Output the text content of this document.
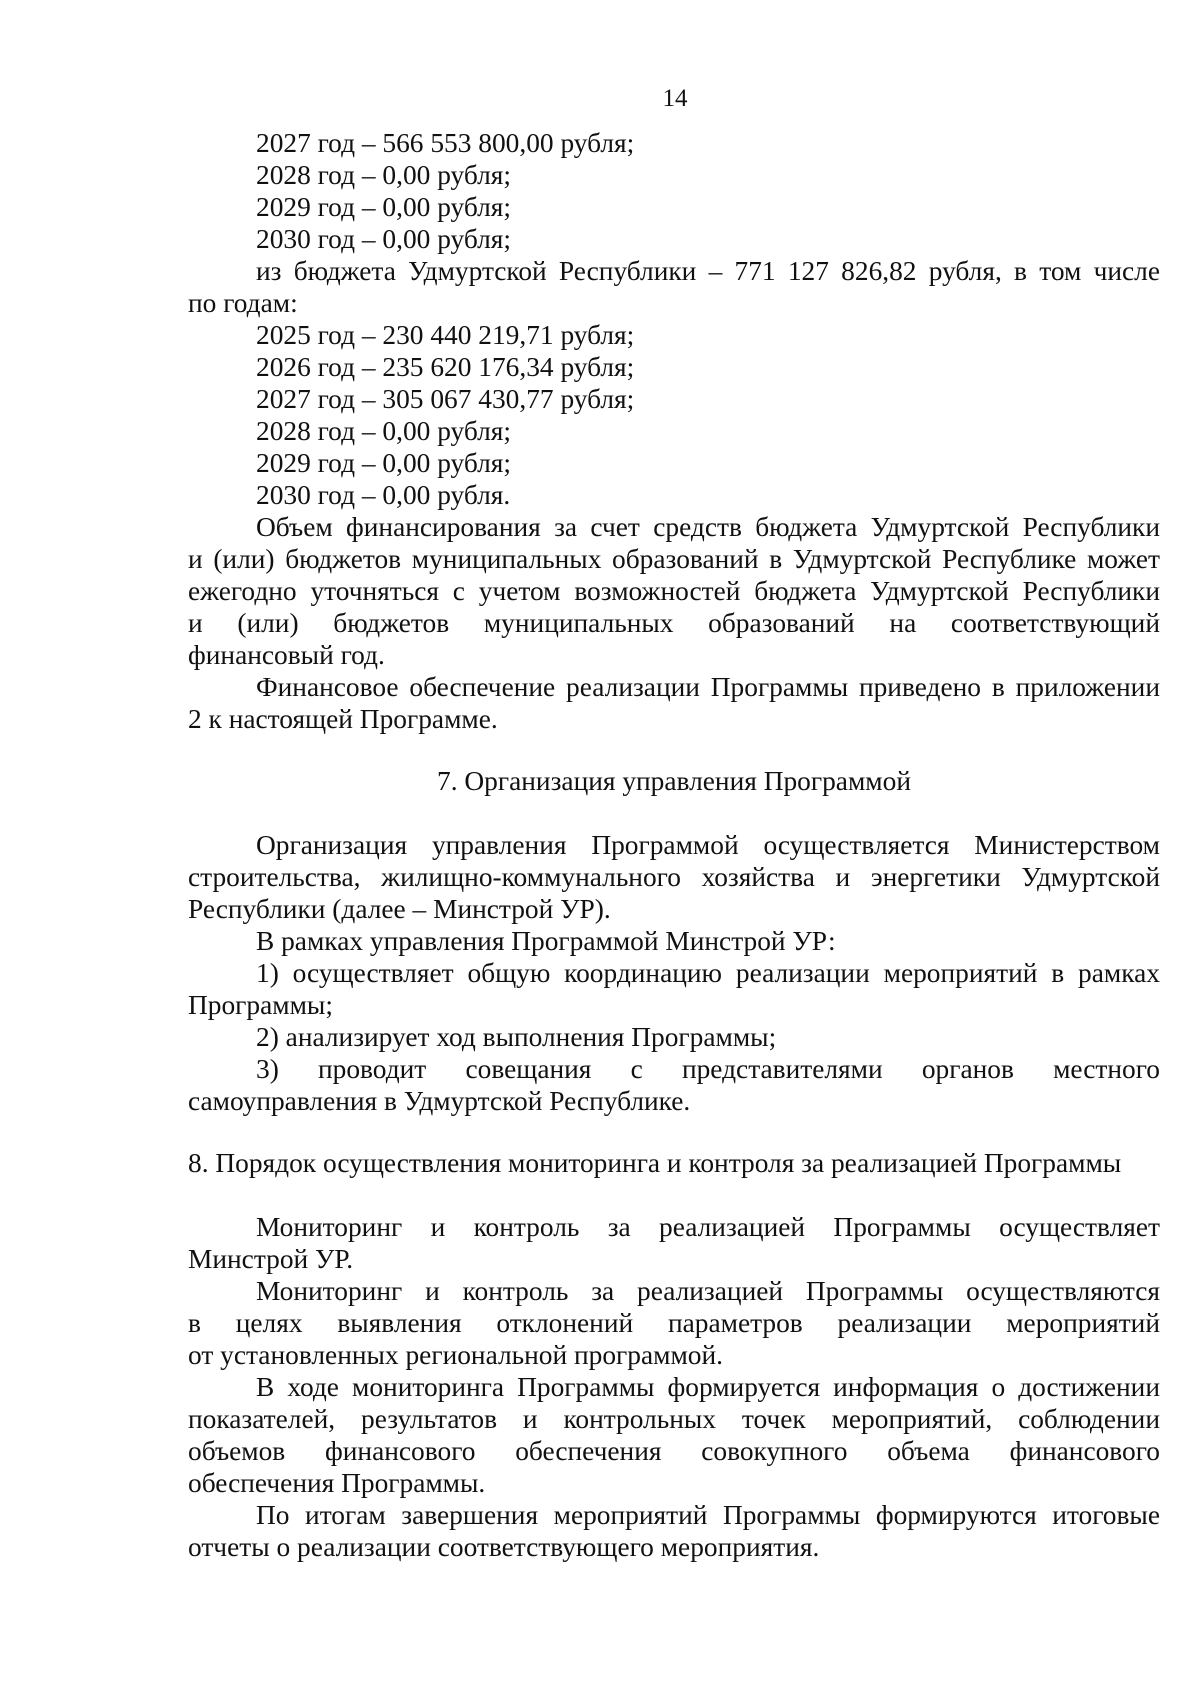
14
2027 год – 566 553 800,00 рубля;
2028 год – 0,00 рубля;
2029 год – 0,00 рубля;
2030 год – 0,00 рубля;
из бюджета Удмуртской Республики – 771 127 826,82 рубля, в том числе
по годам:
2025 год – 230 440 219,71 рубля;
2026 год – 235 620 176,34 рубля;
2027 год – 305 067 430,77 рубля;
2028 год – 0,00 рубля;
2029 год – 0,00 рубля;
2030 год – 0,00 рубля.
Объем финансирования за счет средств бюджета Удмуртской Республики
и (или) бюджетов муниципальных образований в Удмуртской Республике может
ежегодно уточняться с учетом возможностей бюджета Удмуртской Республики
и (или) бюджетов муниципальных образований на соответствующий
финансовый год.
Финансовое обеспечение реализации Программы приведено в приложении
2 к настоящей Программе.
7. Организация управления Программой
Организация управления Программой осуществляется Министерством
строительства, жилищно-коммунального хозяйства и энергетики Удмуртской
Республики (далее – Минстрой УР).
В рамках управления Программой Минстрой УР:
1) осуществляет общую координацию реализации мероприятий в рамках
Программы;
2) анализирует ход выполнения Программы;
3) проводит совещания с представителями органов местного
самоуправления в Удмуртской Республике.
8. Порядок осуществления мониторинга и контроля за реализацией Программы
Мониторинг и контроль за реализацией Программы осуществляет
Минстрой УР.
Мониторинг и контроль за реализацией Программы осуществляются
в целях выявления отклонений параметров реализации мероприятий
от установленных региональной программой.
В ходе мониторинга Программы формируется информация о достижении
показателей, результатов и контрольных точек мероприятий, соблюдении
объемов финансового обеспечения совокупного объема финансового
обеспечения Программы.
По итогам завершения мероприятий Программы формируются итоговые
отчеты о реализации соответствующего мероприятия.
